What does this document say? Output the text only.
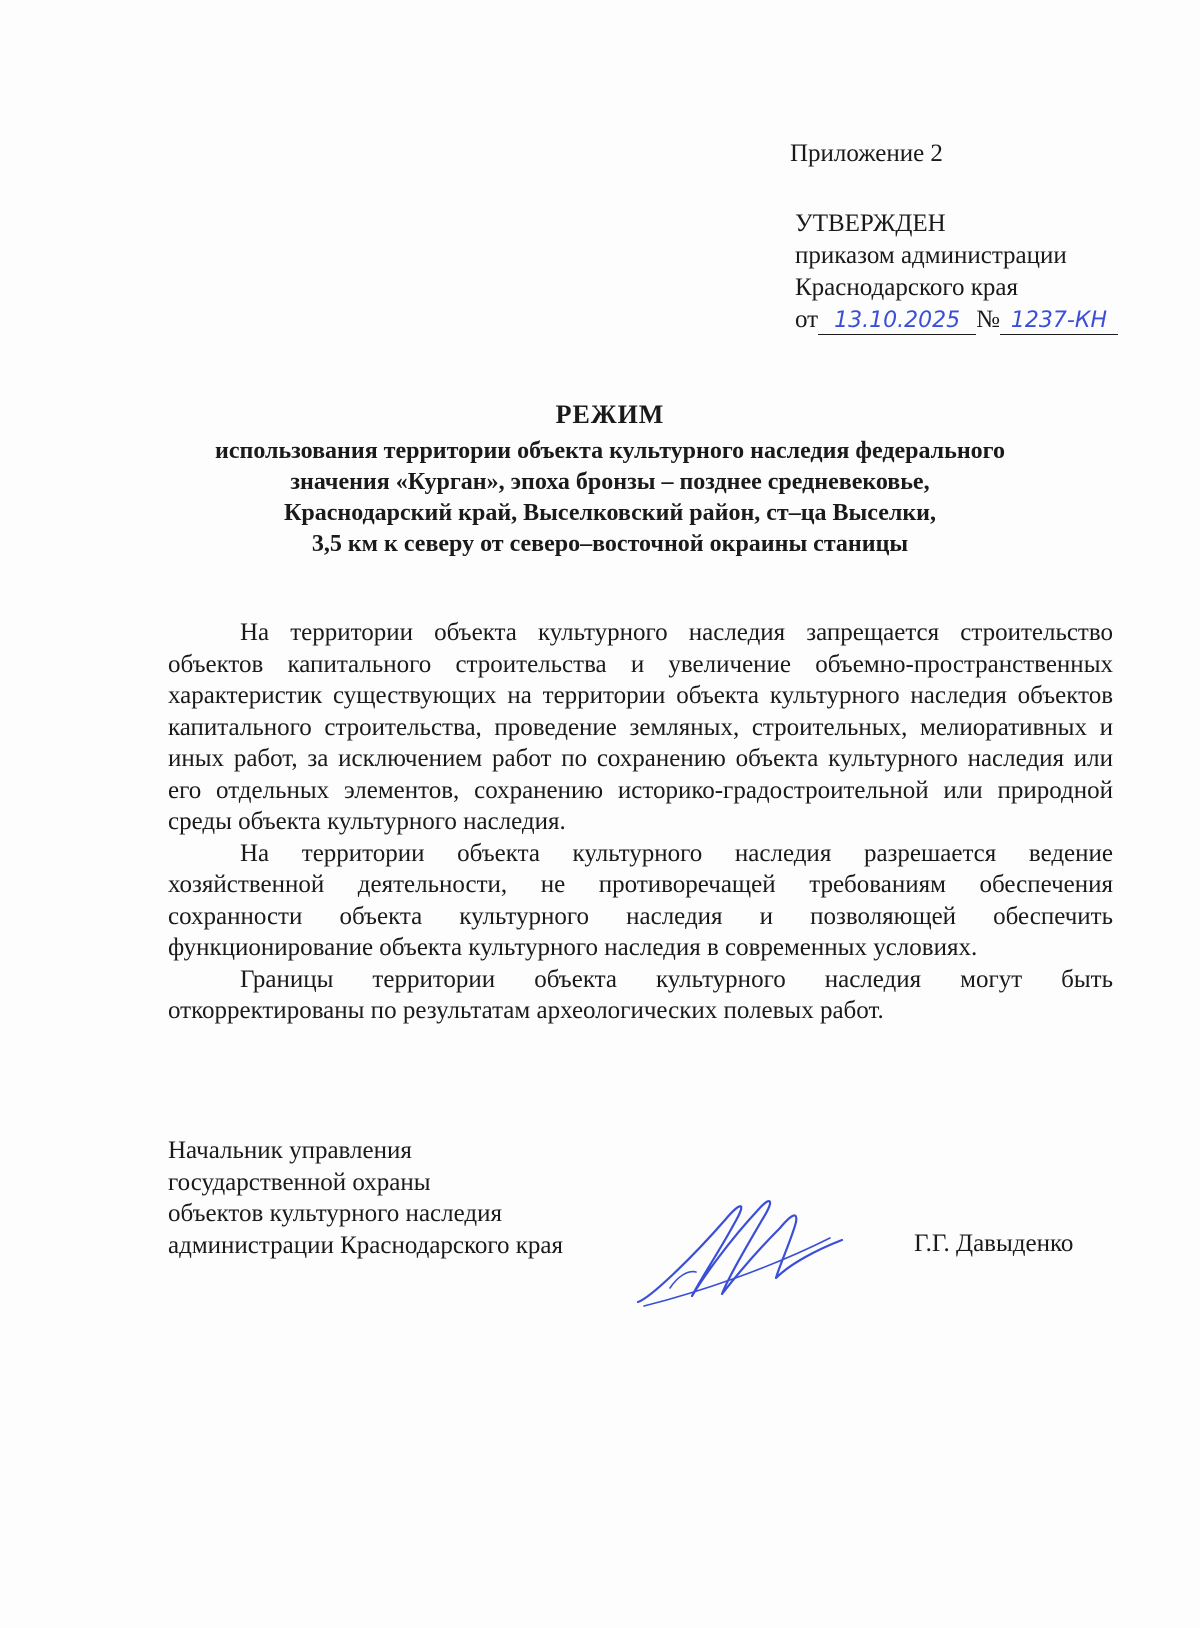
Приложение 2
УТВЕРЖДЕН
приказом администрации
Краснодарского края
от 13.10.2025 № 1237-КН
РЕЖИМ
использования территории объекта культурного наследия федерального
значения «Курган», эпоха бронзы – позднее средневековье,
Краснодарский край, Выселковский район, ст–ца Выселки,
3,5 км к северу от северо–восточной окраины станицы

На территории объекта культурного наследия запрещается строительство объектов капитального строительства и увеличение объемно-пространственных характеристик существующих на территории объекта культурного наследия объектов капитального строительства, проведение земляных, строительных, мелиоративных и иных работ, за исключением работ по сохранению объекта культурного наследия или его отдельных элементов, сохранению историко-градостроительной или природной среды объекта культурного наследия.

На территории объекта культурного наследия разрешается ведение хозяйственной деятельности, не противоречащей требованиям обеспечения сохранности объекта культурного наследия и позволяющей обеспечить функционирование объекта культурного наследия в современных условиях.

Границы территории объекта культурного наследия могут быть откорректированы по результатам археологических полевых работ.

Начальник управления
государственной охраны
объектов культурного наследия
администрации Краснодарского края	Г.Г. Давыденко
